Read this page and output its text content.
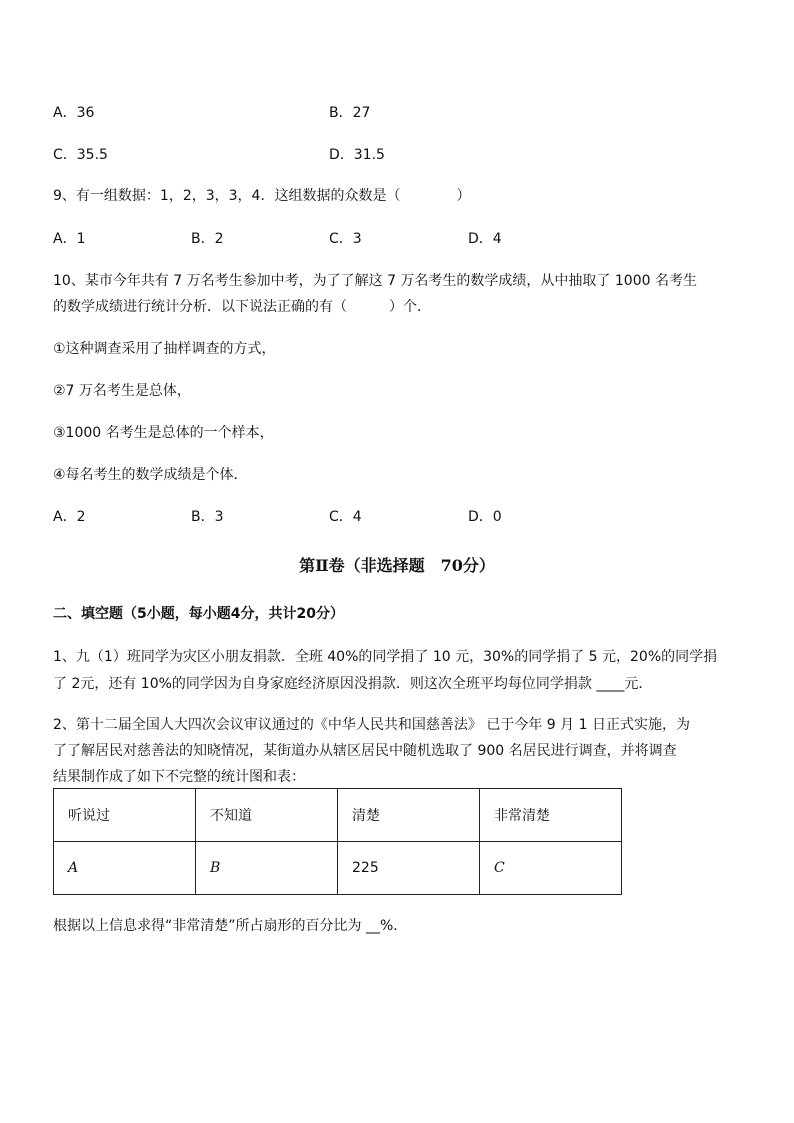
A．36	B．27
C．35.5	D．31.5
9、有一组数据：1，2，3，3，4．这组数据的众数是（　　　　）
A．1	B．2	C．3	D．4
10、某市今年共有 7 万名考生参加中考，为了了解这 7 万名考生的数学成绩，从中抽取了 1000 名考生
的数学成绩进行统计分析．以下说法正确的有（　　　）个．
①这种调查采用了抽样调查的方式，
②7 万名考生是总体，
③1000 名考生是总体的一个样本，
④每名考生的数学成绩是个体．
A．2	B．3	C．4	D．0
第Ⅱ卷（非选择题　70分）
二、填空题（5小题，每小题4分，共计20分）
1、九（1）班同学为灾区小朋友捐款．全班 40%的同学捐了 10 元，30%的同学捐了 5 元，20%的同学捐
了 2元，还有 10%的同学因为自身家庭经济原因没捐款．则这次全班平均每位同学捐款 ____元．
2、第十二届全国人大四次会议审议通过的《中华人民共和国慈善法》 已于今年 9 月 1 日正式实施，为
了了解居民对慈善法的知晓情况，某街道办从辖区居民中随机选取了 900 名居民进行调查，并将调查
结果制作成了如下不完整的统计图和表：
听说过	不知道	清楚	非常清楚
A	B	225	C
根据以上信息求得“非常清楚”所占扇形的百分比为 __%．
